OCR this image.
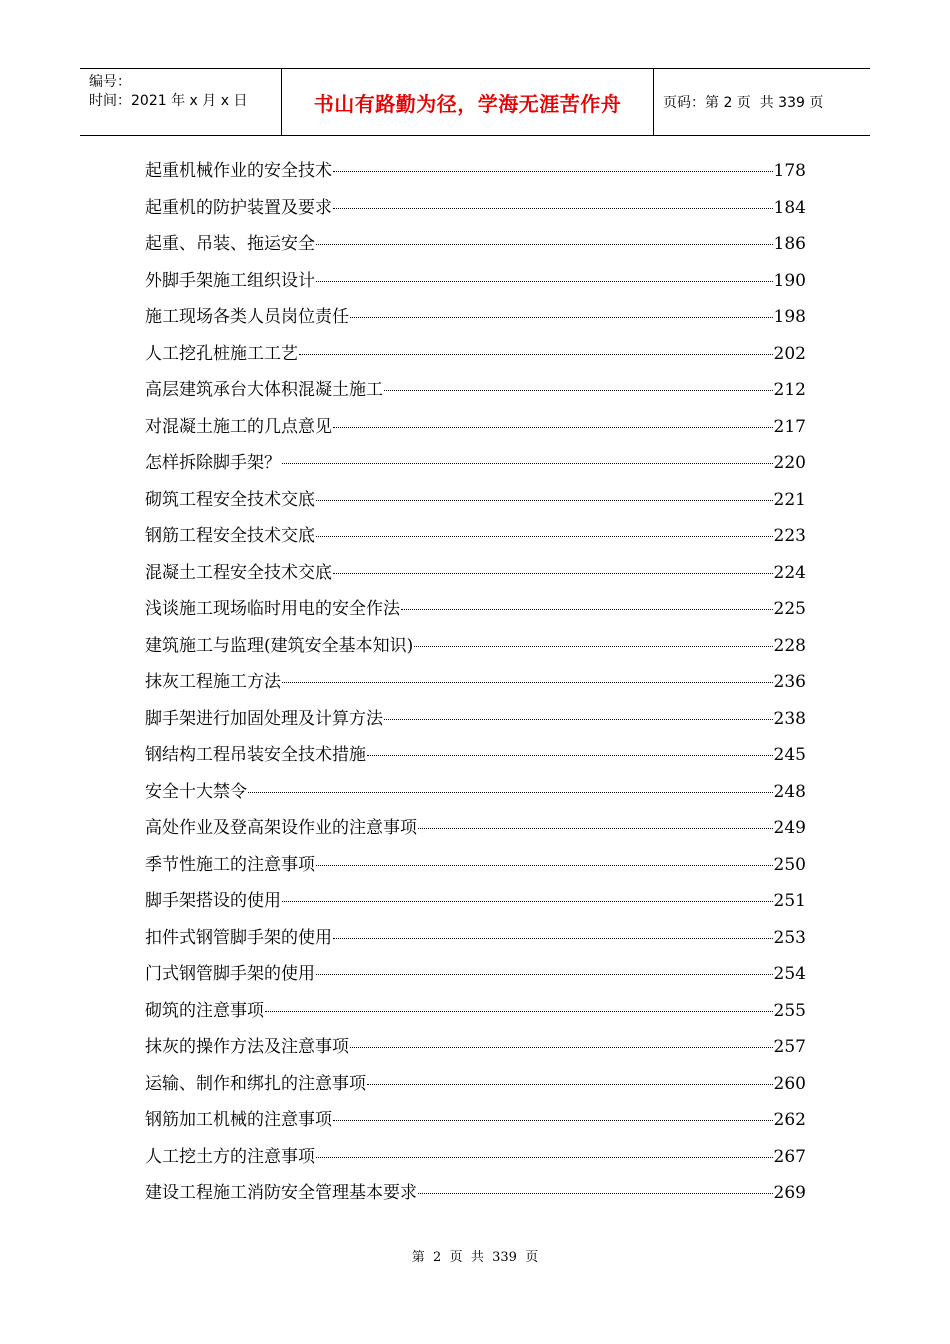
编号：
时间：2021 年 x 月 x 日	书山有路勤为径，学海无涯苦作舟	页码：第 2 页  共 339 页
起重机械作业的安全技术	178
起重机的防护装置及要求	184
起重、吊装、拖运安全	186
外脚手架施工组织设计	190
施工现场各类人员岗位责任	198
人工挖孔桩施工工艺	202
高层建筑承台大体积混凝土施工	212
对混凝土施工的几点意见	217
怎样拆除脚手架？	220
砌筑工程安全技术交底	221
钢筋工程安全技术交底	223
混凝土工程安全技术交底	224
浅谈施工现场临时用电的安全作法	225
建筑施工与监理(建筑安全基本知识)	228
抹灰工程施工方法	236
脚手架进行加固处理及计算方法	238
钢结构工程吊装安全技术措施	245
安全十大禁令	248
高处作业及登高架设作业的注意事项	249
季节性施工的注意事项	250
脚手架搭设的使用	251
扣件式钢管脚手架的使用	253
门式钢管脚手架的使用	254
砌筑的注意事项	255
抹灰的操作方法及注意事项	257
运输、制作和绑扎的注意事项	260
钢筋加工机械的注意事项	262
人工挖土方的注意事项	267
建设工程施工消防安全管理基本要求	269
第  2  页  共  339  页
